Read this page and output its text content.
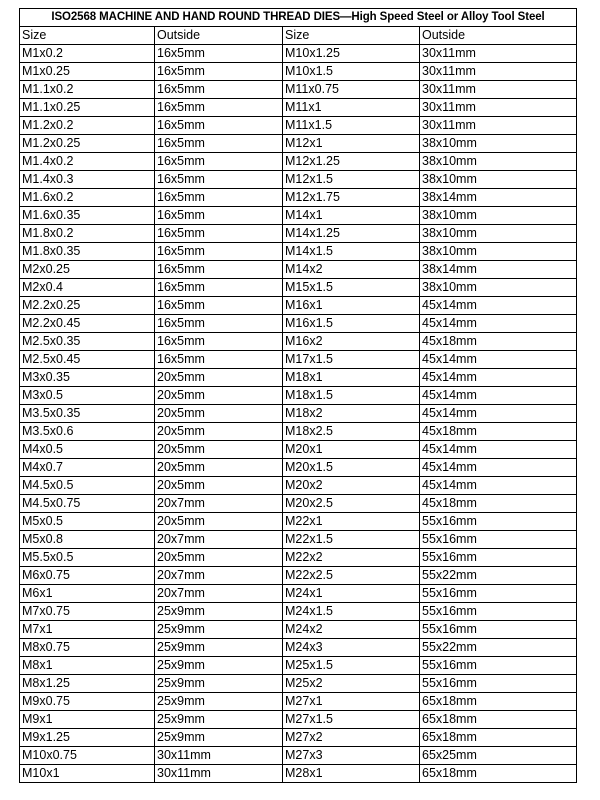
ISO2568 MACHINE AND HAND ROUND THREAD DIES—High Speed Steel or Alloy Tool Steel			
Size	Outside	Size	Outside
M1x0.2	16x5mm	M10x1.25	30x11mm
M1x0.25	16x5mm	M10x1.5	30x11mm
M1.1x0.2	16x5mm	M11x0.75	30x11mm
M1.1x0.25	16x5mm	M11x1	30x11mm
M1.2x0.2	16x5mm	M11x1.5	30x11mm
M1.2x0.25	16x5mm	M12x1	38x10mm
M1.4x0.2	16x5mm	M12x1.25	38x10mm
M1.4x0.3	16x5mm	M12x1.5	38x10mm
M1.6x0.2	16x5mm	M12x1.75	38x14mm
M1.6x0.35	16x5mm	M14x1	38x10mm
M1.8x0.2	16x5mm	M14x1.25	38x10mm
M1.8x0.35	16x5mm	M14x1.5	38x10mm
M2x0.25	16x5mm	M14x2	38x14mm
M2x0.4	16x5mm	M15x1.5	38x10mm
M2.2x0.25	16x5mm	M16x1	45x14mm
M2.2x0.45	16x5mm	M16x1.5	45x14mm
M2.5x0.35	16x5mm	M16x2	45x18mm
M2.5x0.45	16x5mm	M17x1.5	45x14mm
M3x0.35	20x5mm	M18x1	45x14mm
M3x0.5	20x5mm	M18x1.5	45x14mm
M3.5x0.35	20x5mm	M18x2	45x14mm
M3.5x0.6	20x5mm	M18x2.5	45x18mm
M4x0.5	20x5mm	M20x1	45x14mm
M4x0.7	20x5mm	M20x1.5	45x14mm
M4.5x0.5	20x5mm	M20x2	45x14mm
M4.5x0.75	20x7mm	M20x2.5	45x18mm
M5x0.5	20x5mm	M22x1	55x16mm
M5x0.8	20x7mm	M22x1.5	55x16mm
M5.5x0.5	20x5mm	M22x2	55x16mm
M6x0.75	20x7mm	M22x2.5	55x22mm
M6x1	20x7mm	M24x1	55x16mm
M7x0.75	25x9mm	M24x1.5	55x16mm
M7x1	25x9mm	M24x2	55x16mm
M8x0.75	25x9mm	M24x3	55x22mm
M8x1	25x9mm	M25x1.5	55x16mm
M8x1.25	25x9mm	M25x2	55x16mm
M9x0.75	25x9mm	M27x1	65x18mm
M9x1	25x9mm	M27x1.5	65x18mm
M9x1.25	25x9mm	M27x2	65x18mm
M10x0.75	30x11mm	M27x3	65x25mm
M10x1	30x11mm	M28x1	65x18mm
